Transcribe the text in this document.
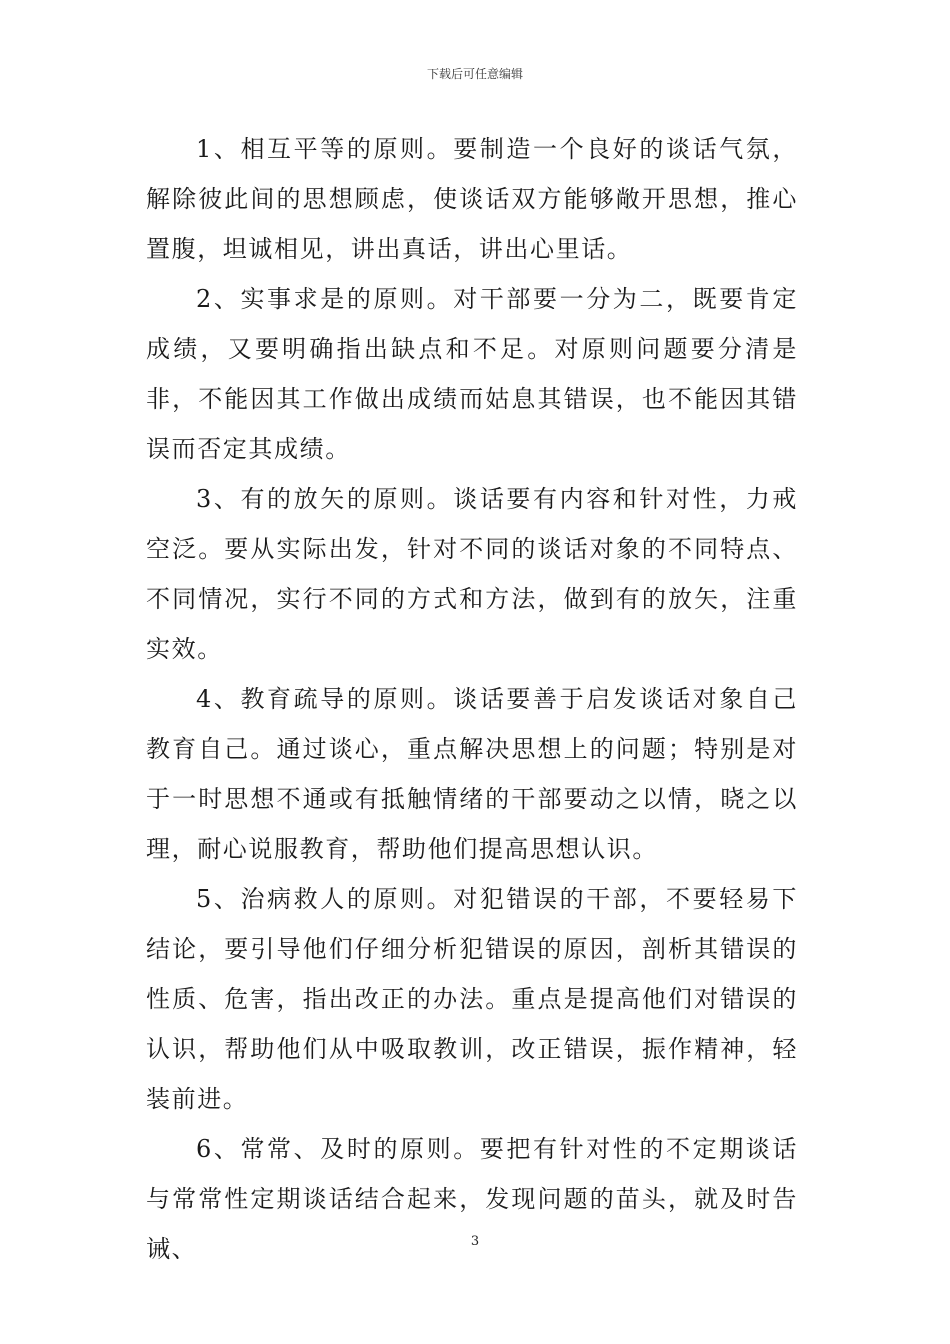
下载后可任意编辑

1、相互平等的原则。要制造一个良好的谈话气氛，解除彼此间的思想顾虑，使谈话双方能够敞开思想，推心置腹，坦诚相见，讲出真话，讲出心里话。

2、实事求是的原则。对干部要一分为二，既要肯定成绩，又要明确指出缺点和不足。对原则问题要分清是非，不能因其工作做出成绩而姑息其错误，也不能因其错误而否定其成绩。

3、有的放矢的原则。谈话要有内容和针对性，力戒空泛。要从实际出发，针对不同的谈话对象的不同特点、不同情况，实行不同的方式和方法，做到有的放矢，注重实效。

4、教育疏导的原则。谈话要善于启发谈话对象自己教育自己。通过谈心，重点解决思想上的问题；特别是对于一时思想不通或有抵触情绪的干部要动之以情，晓之以理，耐心说服教育，帮助他们提高思想认识。

5、治病救人的原则。对犯错误的干部，不要轻易下结论，要引导他们仔细分析犯错误的原因，剖析其错误的性质、危害，指出改正的办法。重点是提高他们对错误的认识，帮助他们从中吸取教训，改正错误，振作精神，轻装前进。

6、常常、及时的原则。要把有针对性的不定期谈话与常常性定期谈话结合起来，发现问题的苗头，就及时告诫、	3
